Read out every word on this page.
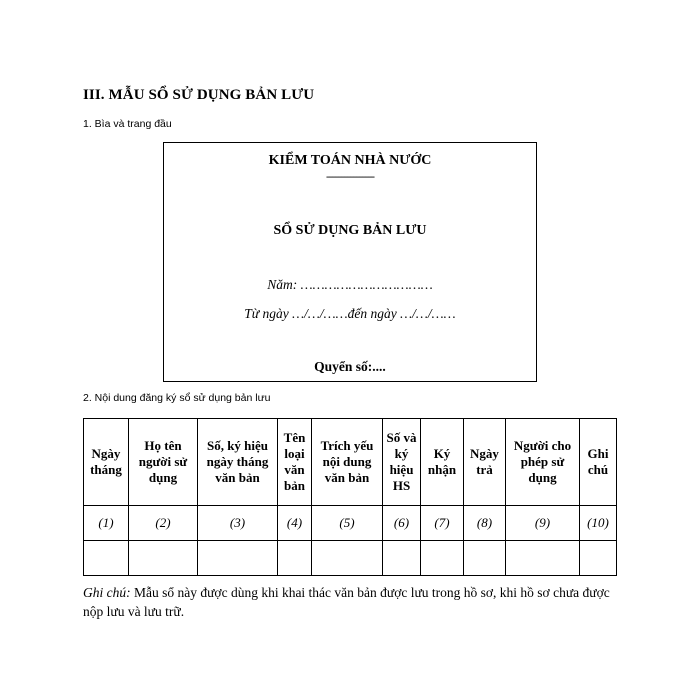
III. MẪU SỔ SỬ DỤNG BẢN LƯU
1. Bìa và trang đầu
KIỂM TOÁN NHÀ NƯỚC
----------------
SỔ SỬ DỤNG BẢN LƯU
Năm: ……………………………
Từ ngày …/…/……đến ngày …/…/……
Quyển số:....
2. Nội dung đăng ký sổ sử dụng bản lưu
Ngày tháng	Họ tên người sử dụng	Số, ký hiệu ngày tháng văn bản	Tên loại văn bản	Trích yếu nội dung văn bản	Số và ký hiệu HS	Ký nhận	Ngày trả	Người cho phép sử dụng	Ghi chú
(1)	(2)	(3)	(4)	(5)	(6)	(7)	(8)	(9)	(10)

Ghi chú: Mẫu sổ này được dùng khi khai thác văn bản được lưu trong hồ sơ, khi hồ sơ chưa được nộp lưu và lưu trữ.
